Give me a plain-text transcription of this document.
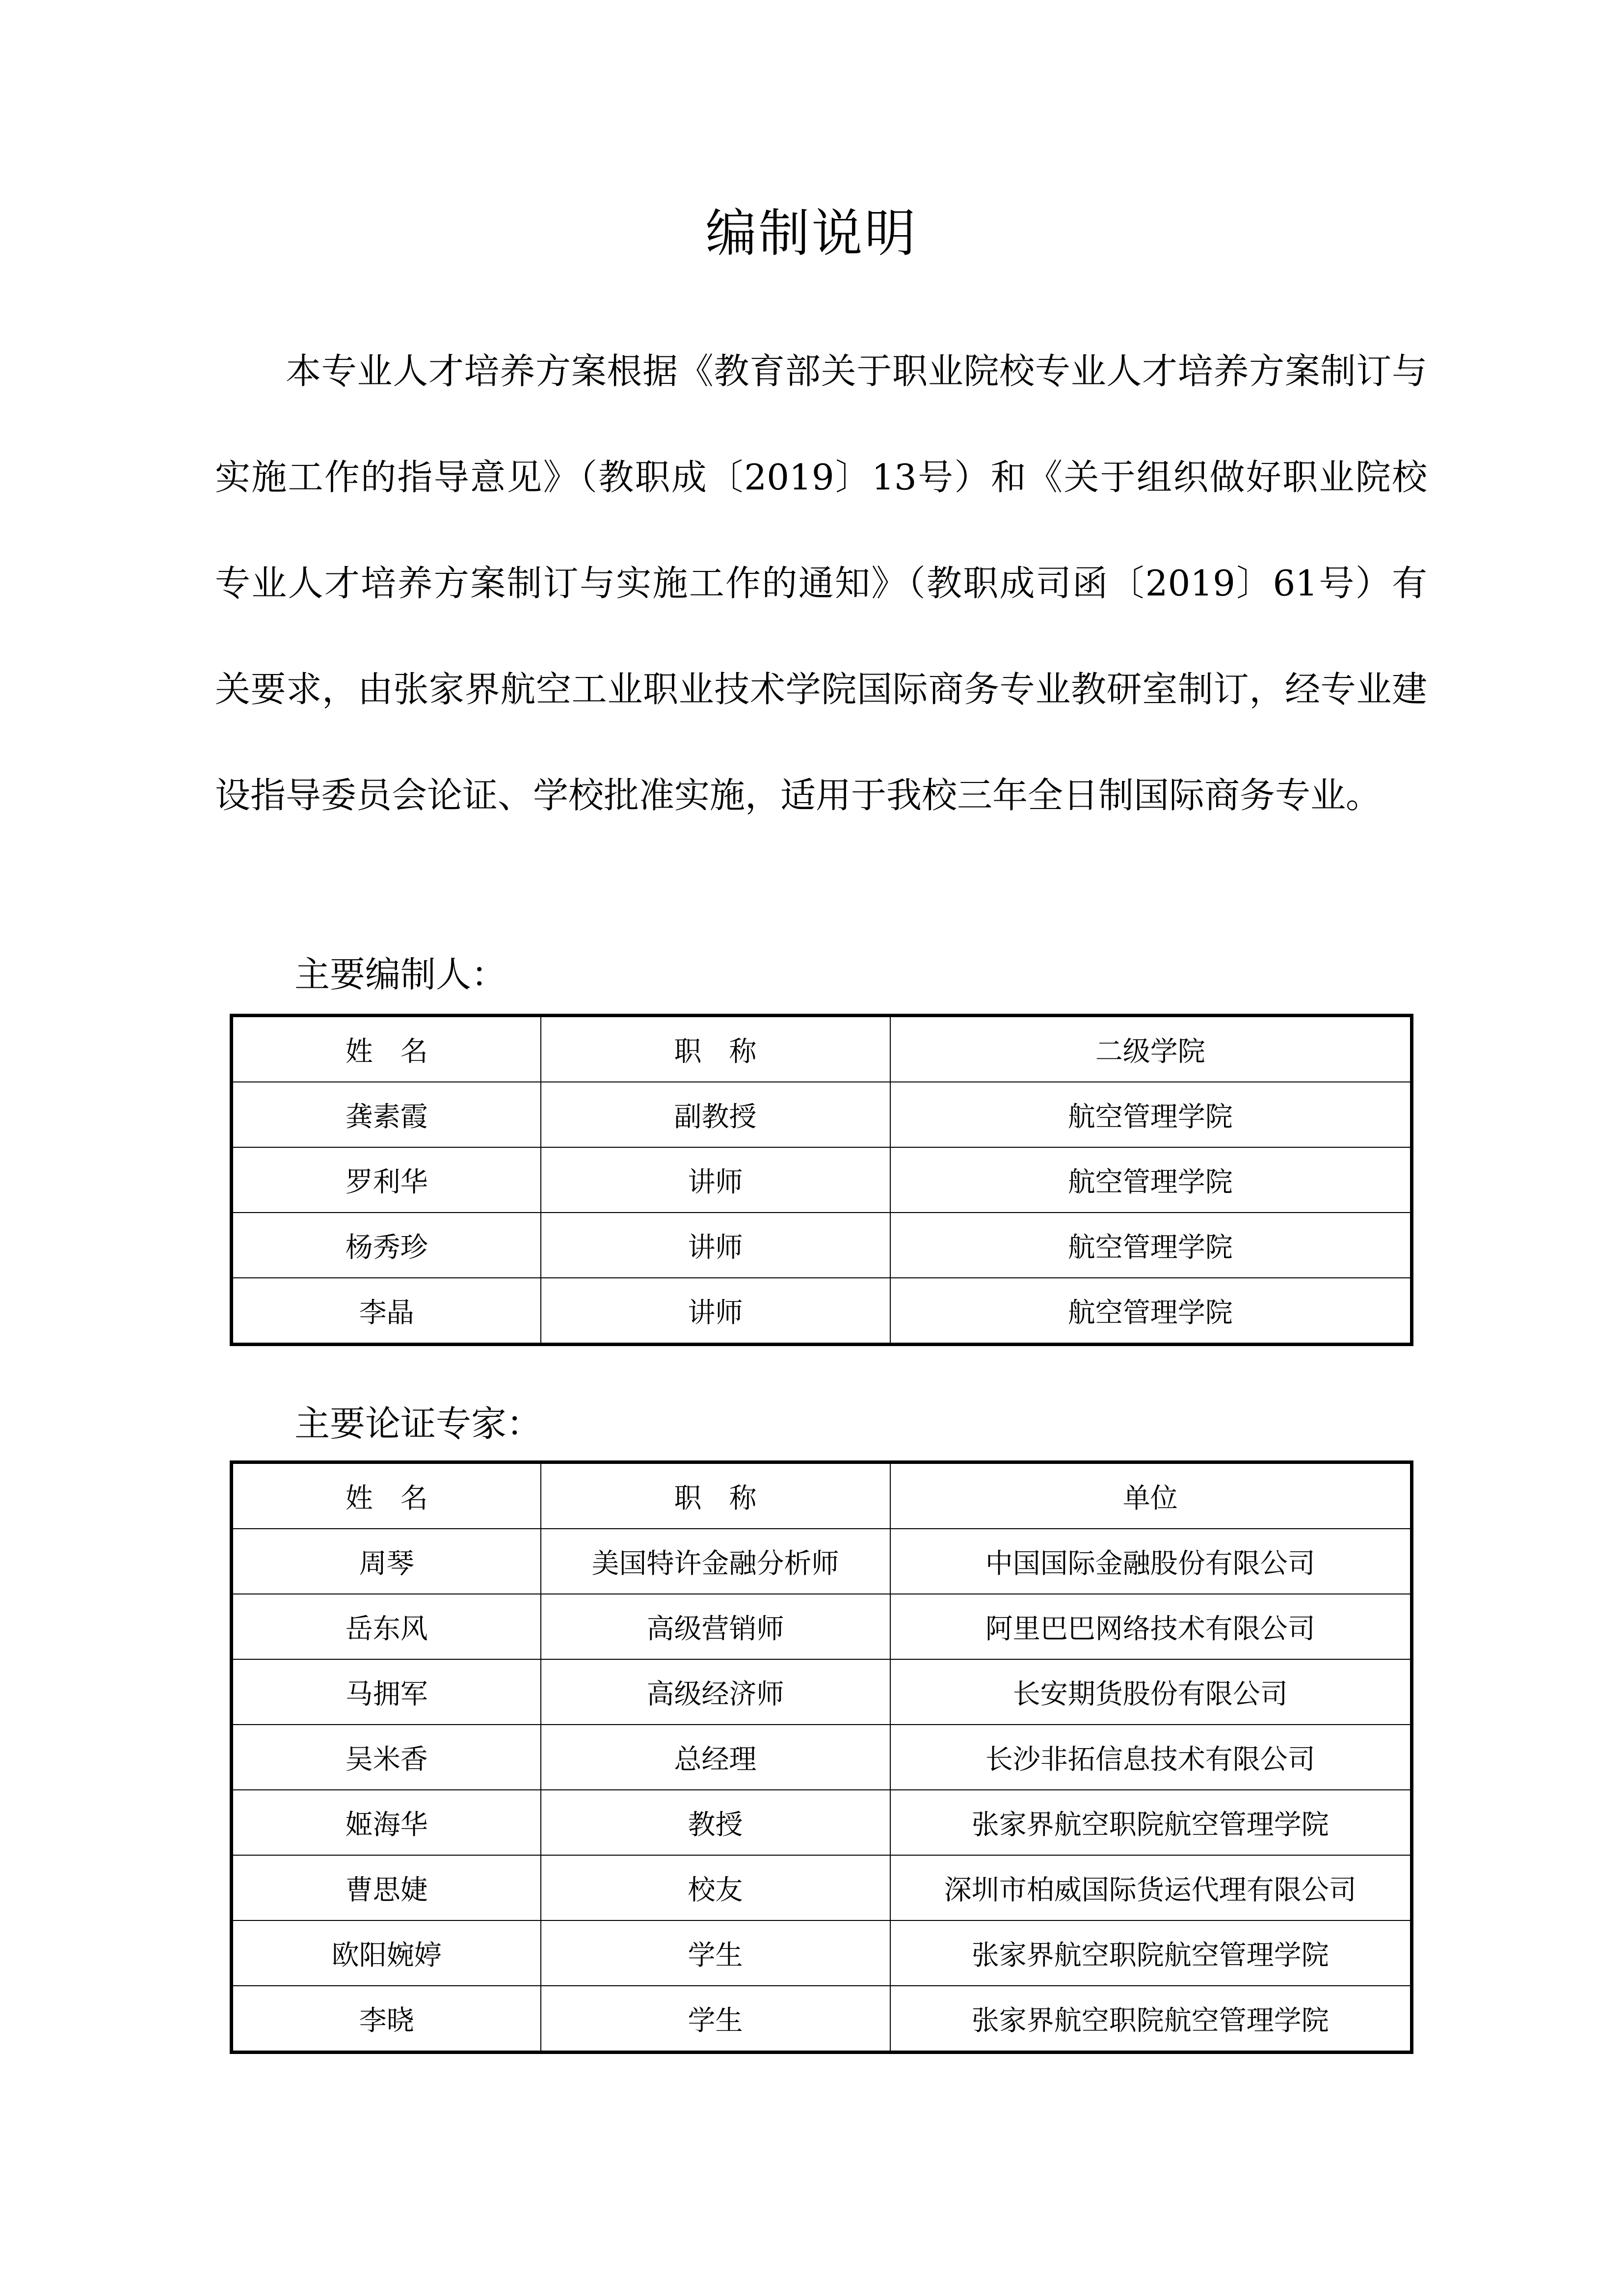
编制说明

本专业人才培养方案根据《教育部关于职业院校专业人才培养方案制订与实施工作的指导意见》（教职成〔2019〕13号）和《关于组织做好职业院校专业人才培养方案制订与实施工作的通知》（教职成司函〔2019〕61号）有关要求，由张家界航空工业职业技术学院国际商务专业教研室制订，经专业建设指导委员会论证、学校批准实施，适用于我校三年全日制国际商务专业。

主要编制人：
姓　名	职　称	二级学院
龚素霞	副教授	航空管理学院
罗利华	讲师	航空管理学院
杨秀珍	讲师	航空管理学院
李晶	讲师	航空管理学院
主要论证专家：
姓　名	职　称	单位
周琴	美国特许金融分析师	中国国际金融股份有限公司
岳东风	高级营销师	阿里巴巴网络技术有限公司
马拥军	高级经济师	长安期货股份有限公司
吴米香	总经理	长沙非拓信息技术有限公司
姬海华	教授	张家界航空职院航空管理学院
曹思婕	校友	深圳市柏威国际货运代理有限公司
欧阳婉婷	学生	张家界航空职院航空管理学院
李晓	学生	张家界航空职院航空管理学院
